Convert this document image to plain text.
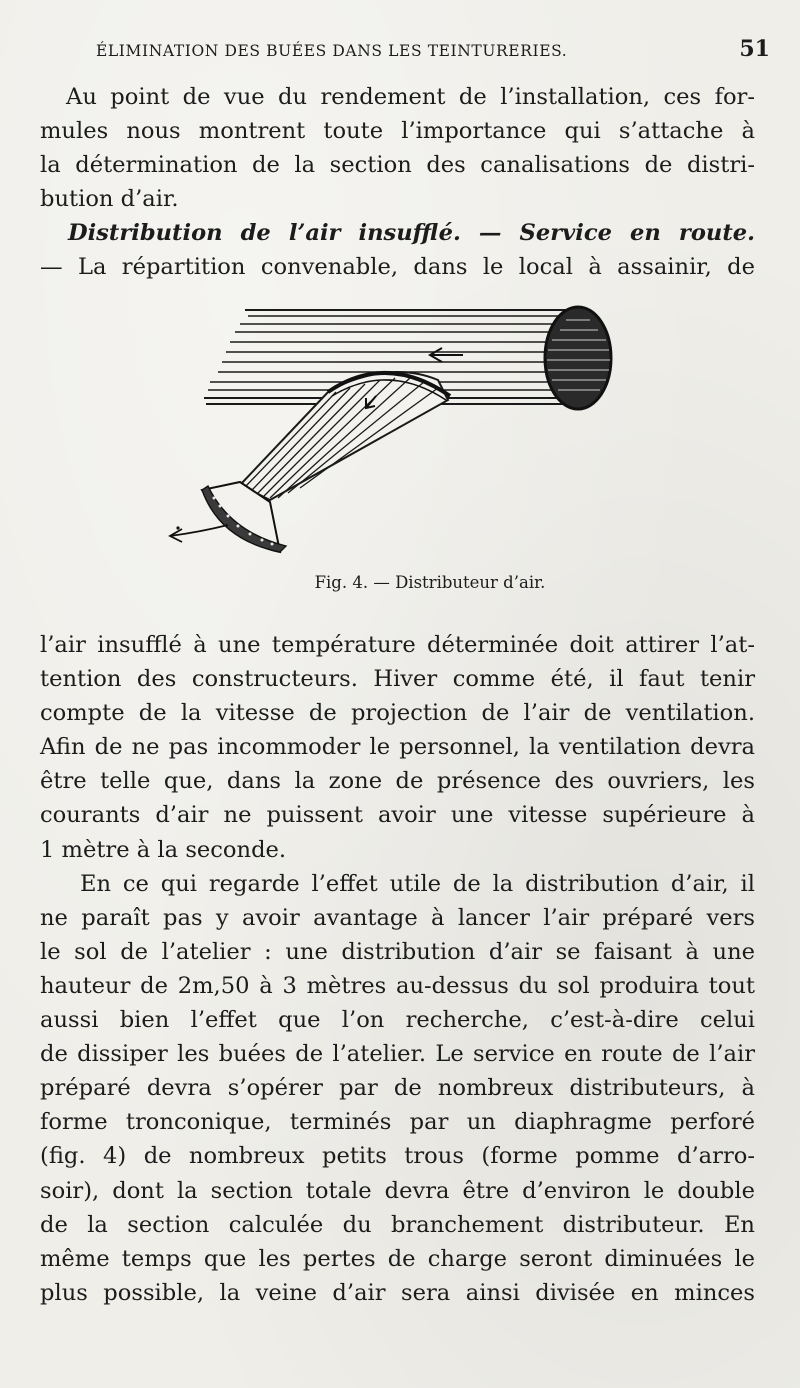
ÉLIMINATION DES BUÉES DANS LES TEINTURERIES.	51
Au point de vue du rendement de l’installation, ces for-
mules nous montrent toute l’importance qui s’attache à
la détermination de la section des canalisations de distri-
bution d’air.
Distribution de l’air insufflé. — Service en route.
— La répartition convenable, dans le local à assainir, de
Fig. 4. — Distributeur d’air.
l’air insufflé à une température déterminée doit attirer l’at-
tention des constructeurs. Hiver comme été, il faut tenir
compte de la vitesse de projection de l’air de ventilation.
Afin de ne pas incommoder le personnel, la ventilation devra
être telle que, dans la zone de présence des ouvriers, les
courants d’air ne puissent avoir une vitesse supérieure à
1 mètre à la seconde.
En ce qui regarde l’effet utile de la distribution d’air, il
ne paraît pas y avoir avantage à lancer l’air préparé vers
le sol de l’atelier : une distribution d’air se faisant à une
hauteur de 2m,50 à 3 mètres au-dessus du sol produira tout
aussi bien l’effet que l’on recherche, c’est-à-dire celui
de dissiper les buées de l’atelier. Le service en route de l’air
préparé devra s’opérer par de nombreux distributeurs, à
forme tronconique, terminés par un diaphragme perforé
(fig. 4) de nombreux petits trous (forme pomme d’arro-
soir), dont la section totale devra être d’environ le double
de la section calculée du branchement distributeur. En
même temps que les pertes de charge seront diminuées le
plus possible, la veine d’air sera ainsi divisée en minces
